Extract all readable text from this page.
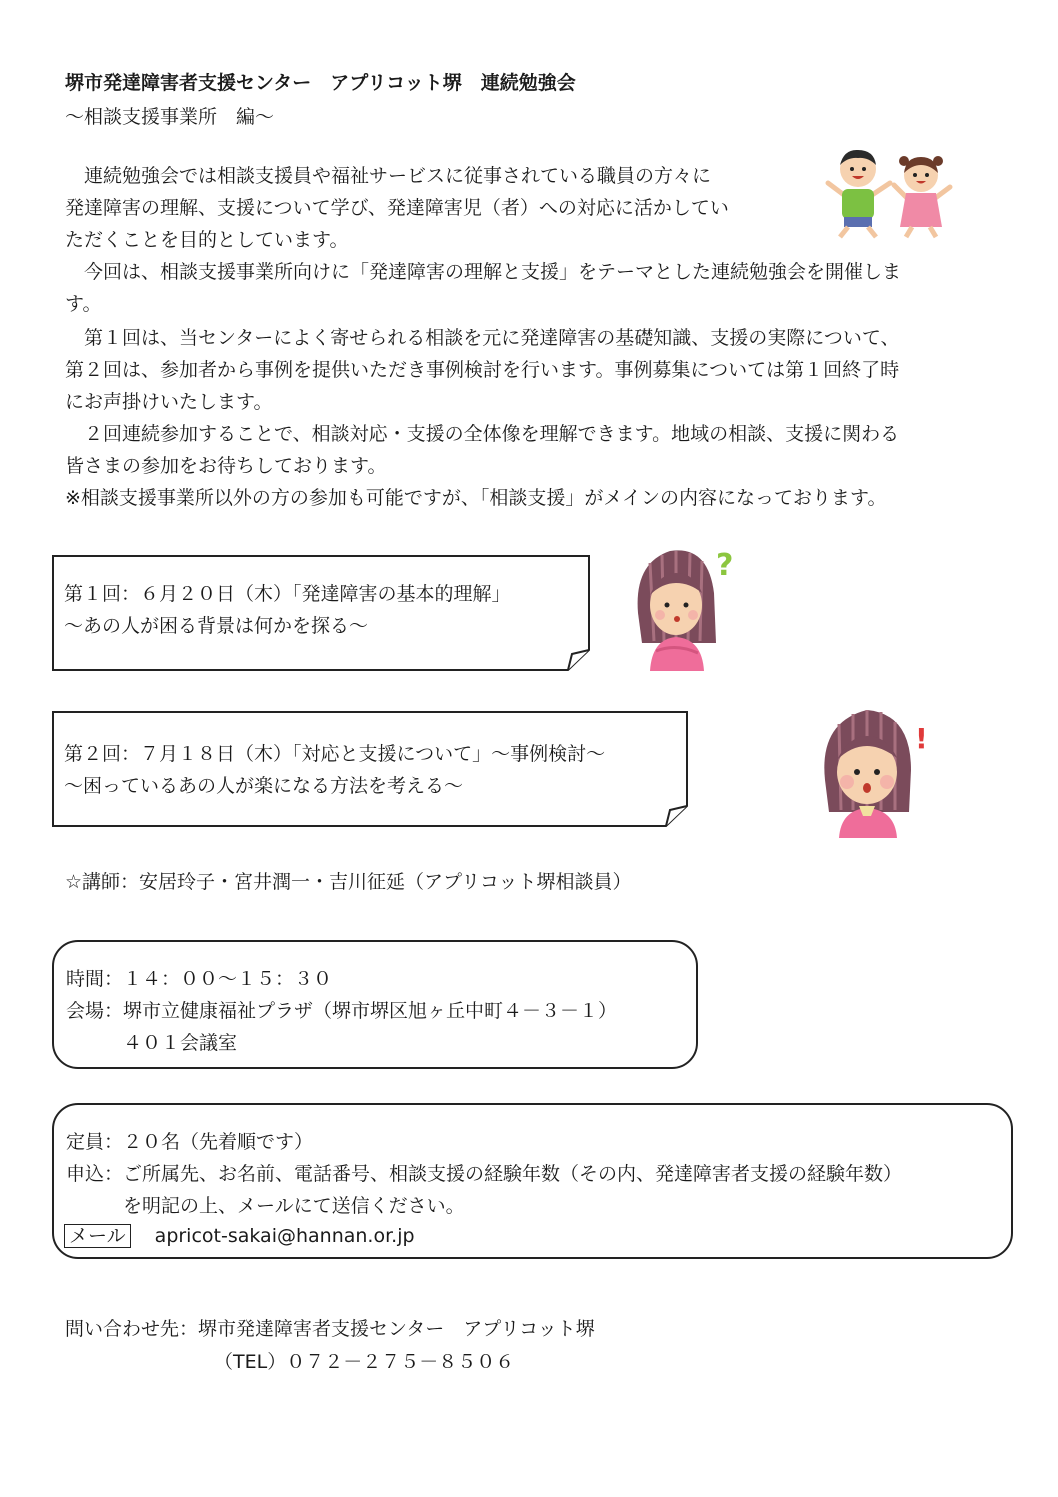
堺市発達障害者支援センター　アプリコット堺　連続勉強会
～相談支援事業所　編～
　連続勉強会では相談支援員や福祉サービスに従事されている職員の方々に
発達障害の理解、支援について学び、発達障害児（者）への対応に活かしてい
ただくことを目的としています。
　今回は、相談支援事業所向けに「発達障害の理解と支援」をテーマとした連続勉強会を開催しま
す。
　第１回は、当センターによく寄せられる相談を元に発達障害の基礎知識、支援の実際について、
第２回は、参加者から事例を提供いただき事例検討を行います。事例募集については第１回終了時
にお声掛けいたします。
　２回連続参加することで、相談対応・支援の全体像を理解できます。地域の相談、支援に関わる
皆さまの参加をお待ちしております。
※相談支援事業所以外の方の参加も可能ですが、「相談支援」がメインの内容になっております。
第１回：６月２０日（木）「発達障害の基本的理解」
～あの人が困る背景は何かを探る～
?
第２回：７月１８日（木）「対応と支援について」～事例検討～
～困っているあの人が楽になる方法を考える～
!
☆講師：安居玲子・宮井潤一・吉川征延（アプリコット堺相談員）
時間：１４：００～１５：３０
会場：堺市立健康福祉プラザ（堺市堺区旭ヶ丘中町４－３－１）
　　　４０１会議室
定員：２０名（先着順です）
申込：ご所属先、お名前、電話番号、相談支援の経験年数（その内、発達障害者支援の経験年数）
　　　を明記の上、メールにて送信ください。
メール apricot-sakai@hannan.or.jp
問い合わせ先：堺市発達障害者支援センター　アプリコット堺
（TEL）０７２－２７５－８５０６
